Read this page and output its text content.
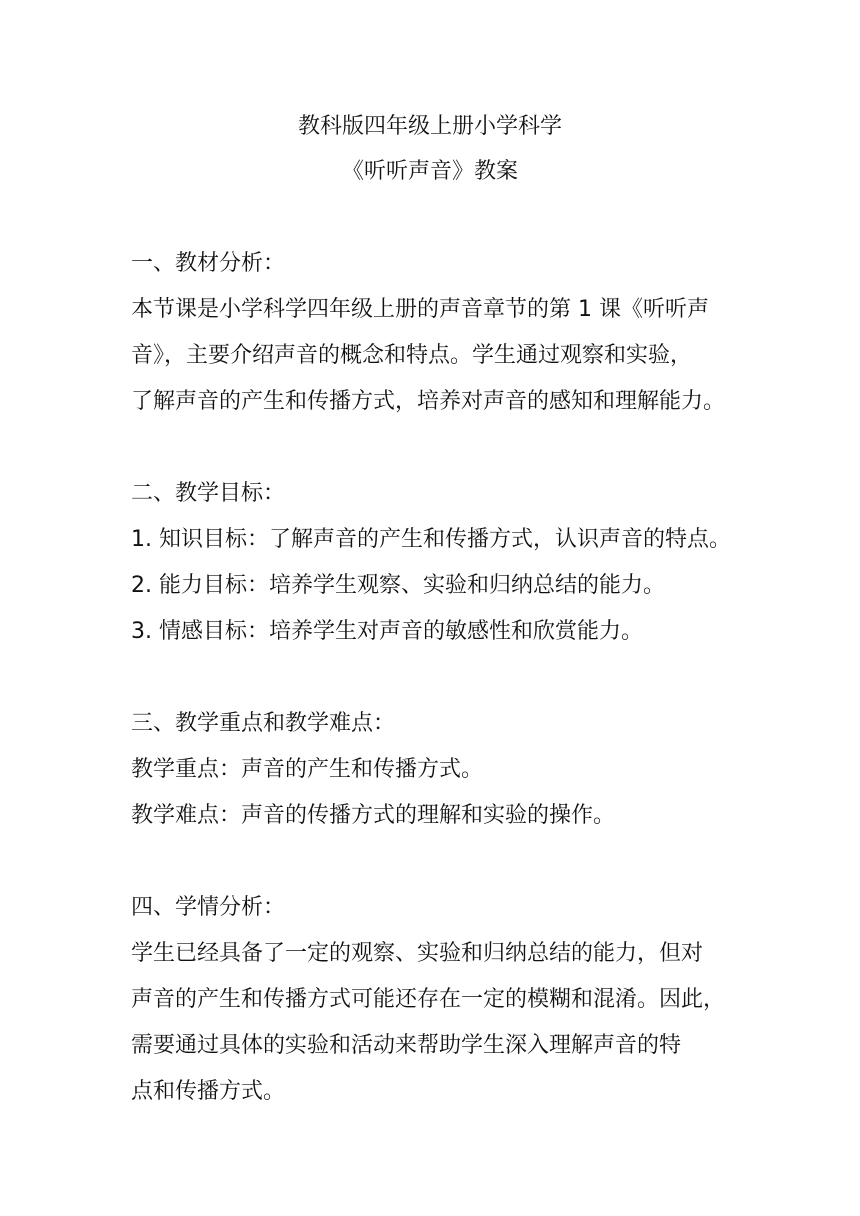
教科版四年级上册小学科学
《听听声音》教案
一、教材分析：
本节课是小学科学四年级上册的声音章节的第 1 课《听听声
音》，主要介绍声音的概念和特点。学生通过观察和实验，
了解声音的产生和传播方式，培养对声音的感知和理解能力。
二、教学目标：
1. 知识目标：了解声音的产生和传播方式，认识声音的特点。
2. 能力目标：培养学生观察、实验和归纳总结的能力。
3. 情感目标：培养学生对声音的敏感性和欣赏能力。
三、教学重点和教学难点：
教学重点：声音的产生和传播方式。
教学难点：声音的传播方式的理解和实验的操作。
四、学情分析：
学生已经具备了一定的观察、实验和归纳总结的能力，但对
声音的产生和传播方式可能还存在一定的模糊和混淆。因此，
需要通过具体的实验和活动来帮助学生深入理解声音的特
点和传播方式。
